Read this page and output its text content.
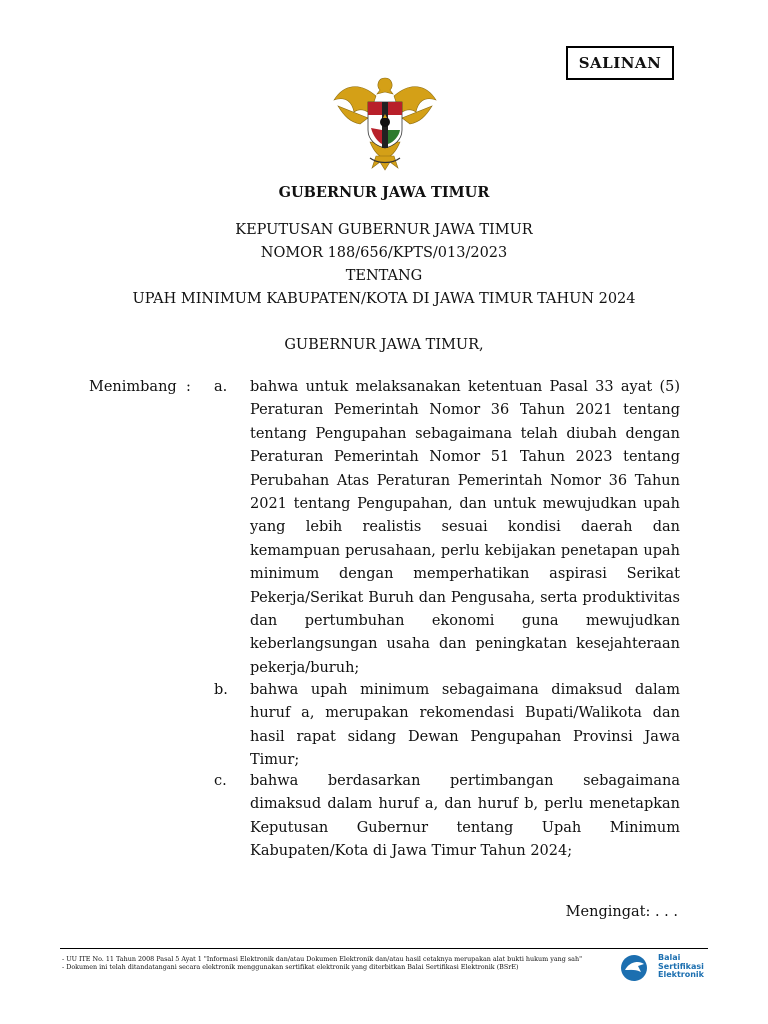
SALINAN
GUBERNUR JAWA TIMUR
KEPUTUSAN GUBERNUR JAWA TIMUR
NOMOR 188/656/KPTS/013/2023
TENTANG
UPAH MINIMUM KABUPATEN/KOTA DI JAWA TIMUR TAHUN 2024
GUBERNUR JAWA TIMUR,
Menimbang : a. bahwa untuk melaksanakan ketentuan Pasal 33 ayat (5) Peraturan Pemerintah Nomor 36 Tahun 2021 tentang tentang Pengupahan sebagaimana telah diubah dengan Peraturan Pemerintah Nomor 51 Tahun 2023 tentang Perubahan Atas Peraturan Pemerintah Nomor 36 Tahun 2021 tentang Pengupahan, dan untuk mewujudkan upah yang lebih realistis sesuai kondisi daerah dan kemampuan perusahaan, perlu kebijakan penetapan upah minimum dengan memperhatikan aspirasi Serikat Pekerja/Serikat Buruh dan Pengusaha, serta produktivitas dan pertumbuhan ekonomi guna mewujudkan keberlangsungan usaha dan peningkatan kesejahteraan pekerja/buruh;
b. bahwa upah minimum sebagaimana dimaksud dalam huruf a, merupakan rekomendasi Bupati/Walikota dan hasil rapat sidang Dewan Pengupahan Provinsi Jawa Timur;
c. bahwa berdasarkan pertimbangan sebagaimana dimaksud dalam huruf a, dan huruf b, perlu menetapkan Keputusan Gubernur tentang Upah Minimum Kabupaten/Kota di Jawa Timur Tahun 2024;
Mengingat: . . .
- UU ITE No. 11 Tahun 2008 Pasal 5 Ayat 1 "Informasi Elektronik dan/atau Dokumen Elektronik dan/atau hasil cetaknya merupakan alat bukti hukum yang sah"
- Dokumen ini telah ditandatangani secara elektronik menggunakan sertifikat elektronik yang diterbitkan Balai Sertifikasi Elektronik (BSrE)
Balai
Sertifikasi
Elektronik
